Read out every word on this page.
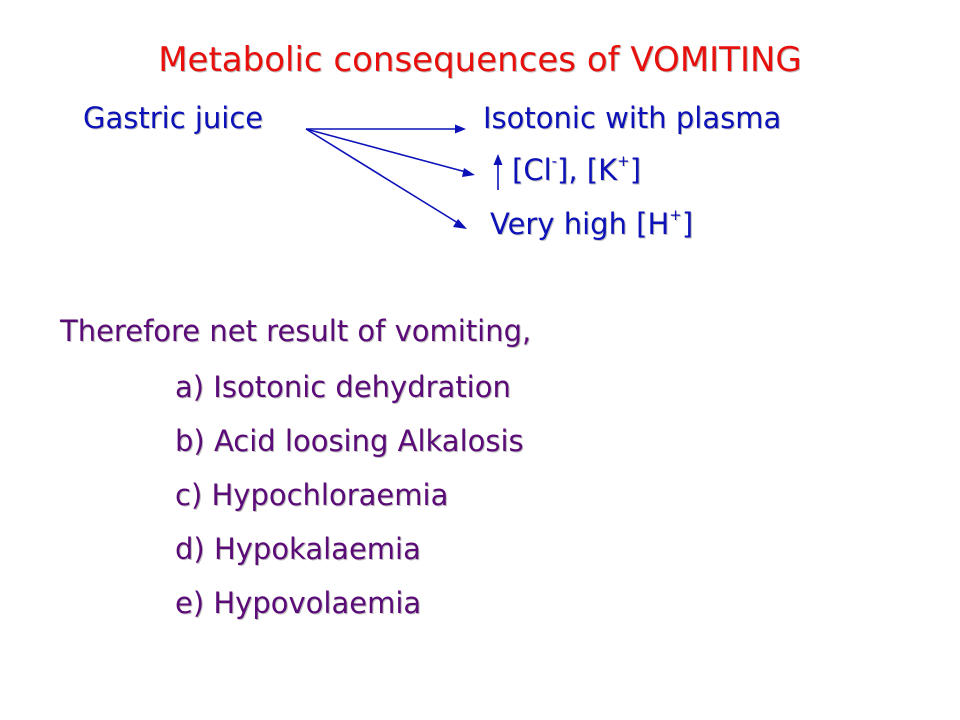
Metabolic consequences of VOMITING
Gastric juice	Isotonic with plasma
[Cl-], [K+]
Very high [H+]
Therefore net result of vomiting,
a) Isotonic dehydration
b) Acid loosing Alkalosis
c) Hypochloraemia
d) Hypokalaemia
e) Hypovolaemia
